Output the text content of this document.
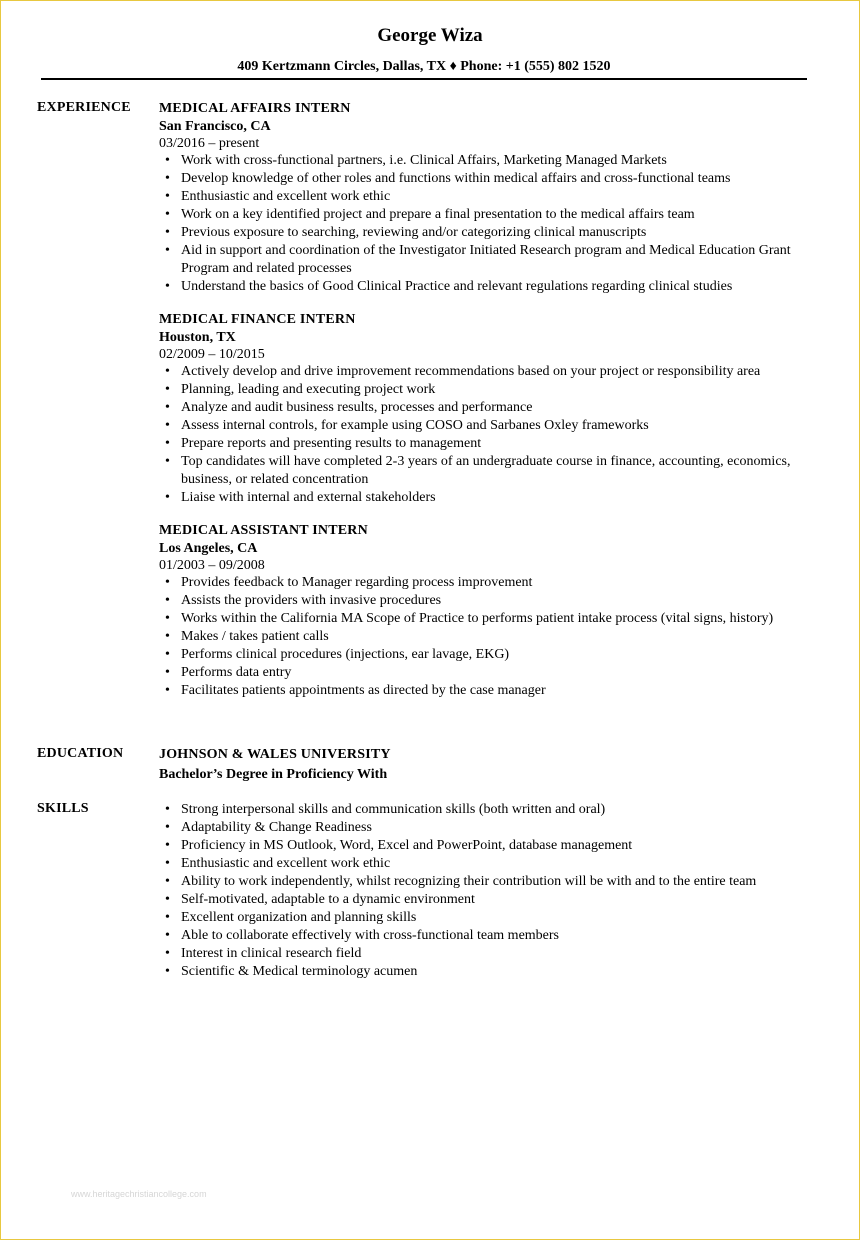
George Wiza
409 Kertzmann Circles, Dallas, TX ♦ Phone: +1 (555) 802 1520
EXPERIENCE MEDICAL AFFAIRS INTERN
San Francisco, CA
03/2016 – present
• Work with cross-functional partners, i.e. Clinical Affairs, Marketing Managed Markets
• Develop knowledge of other roles and functions within medical affairs and cross-functional teams
• Enthusiastic and excellent work ethic
• Work on a key identified project and prepare a final presentation to the medical affairs team
• Previous exposure to searching, reviewing and/or categorizing clinical manuscripts
• Aid in support and coordination of the Investigator Initiated Research program and Medical Education Grant Program and related processes
• Understand the basics of Good Clinical Practice and relevant regulations regarding clinical studies
MEDICAL FINANCE INTERN
Houston, TX
02/2009 – 10/2015
• Actively develop and drive improvement recommendations based on your project or responsibility area
• Planning, leading and executing project work
• Analyze and audit business results, processes and performance
• Assess internal controls, for example using COSO and Sarbanes Oxley frameworks
• Prepare reports and presenting results to management
• Top candidates will have completed 2-3 years of an undergraduate course in finance, accounting, economics, business, or related concentration
• Liaise with internal and external stakeholders
MEDICAL ASSISTANT INTERN
Los Angeles, CA
01/2003 – 09/2008
• Provides feedback to Manager regarding process improvement
• Assists the providers with invasive procedures
• Works within the California MA Scope of Practice to performs patient intake process (vital signs, history)
• Makes / takes patient calls
• Performs clinical procedures (injections, ear lavage, EKG)
• Performs data entry
• Facilitates patients appointments as directed by the case manager
EDUCATION	JOHNSON & WALES UNIVERSITY
Bachelor’s Degree in Proficiency With
SKILLS
•	Strong interpersonal skills and communication skills (both written and oral)
• Adaptability & Change Readiness
• Proficiency in MS Outlook, Word, Excel and PowerPoint, database management
• Enthusiastic and excellent work ethic
• Ability to work independently, whilst recognizing their contribution will be with and to the entire team
• Self-motivated, adaptable to a dynamic environment
• Excellent organization and planning skills
• Able to collaborate effectively with cross-functional team members
• Interest in clinical research field
• Scientific & Medical terminology acumen
www.heritagechristiancollege.com
